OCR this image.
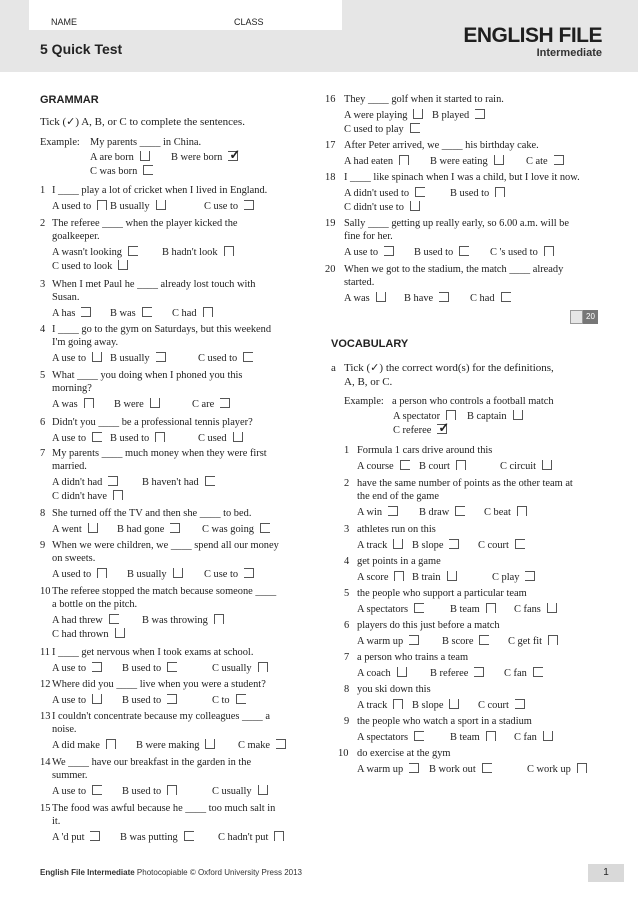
NAME	CLASS
5 Quick Test
ENGLISH FILE
Intermediate
GRAMMAR
Tick (✓) A, B, or C to complete the sentences.
VOCABULARY
a Tick (✓) the correct word(s) for the definitions,
A, B, or C.
20
Example: My parents ____ in China.
A are born	B were born ✓
C was born
1 I ____ play a lot of cricket when I lived in England.
A used to	B usually	C use to
2 The referee ____ when the player kicked the
goalkeeper.
A wasn't looking	B hadn't look
C used to look
3 When I met Paul he ____ already lost touch with
Susan.
A has	B was	C had
4 I ____ go to the gym on Saturdays, but this weekend
I'm going away.
A use to	B usually	C used to
5 What ____ you doing when I phoned you this
morning?
A was	B were	C are
6 Didn't you ____ be a professional tennis player?
A use to	B used to	C used
7 My parents ____ much money when they were first
married.
A didn't had	B haven't had
C didn't have
8 She turned off the TV and then she ____ to bed.
A went	B had gone	C was going
9 When we were children, we ____ spend all our money
on sweets.
A used to	B usually	C use to
10 The referee stopped the match because someone ____
a bottle on the pitch.
A had threw	B was throwing
C had thrown
11 I ____ get nervous when I took exams at school.
A use to	B used to	C usually
12 Where did you ____ live when you were a student?
A use to	B used to	C to
13 I couldn't concentrate because my colleagues ____ a
noise.
A did make	B were making	C make
14 We ____ have our breakfast in the garden in the
summer.
A use to	B used to	C usually
15 The food was awful because he ____ too much salt in
it.
A 'd put	B was putting	C hadn't put
16 They ____ golf when it started to rain.
A were playing	B played
C used to play
17 After Peter arrived, we ____ his birthday cake.
A had eaten	B were eating	C ate
18 I ____ like spinach when I was a child, but I love it now.
A didn't used to	B used to
C didn't use to
19 Sally ____ getting up really early, so 6.00 a.m. will be
fine for her.
A use to	B used to	C 's used to
20 When we got to the stadium, the match ____ already
started.
A was	B have	C had
Example: a person who controls a football match
A spectator	B captain
C referee ✓
1 Formula 1 cars drive around this
A course	B court	C circuit
2 have the same number of points as the other team at
the end of the game
A win	B draw	C beat
3 athletes run on this
A track	B slope	C court
4 get points in a game
A score	B train	C play
5 the people who support a particular team
A spectators	B team	C fans
6 players do this just before a match
A warm up	B score	C get fit
7 a person who trains a team
A coach	B referee	C fan
8 you ski down this
A track	B slope	C court
9 the people who watch a sport in a stadium
A spectators	B team	C fan
10 do exercise at the gym
A warm up	B work out	C work up
English File Intermediate Photocopiable © Oxford University Press 2013	1
